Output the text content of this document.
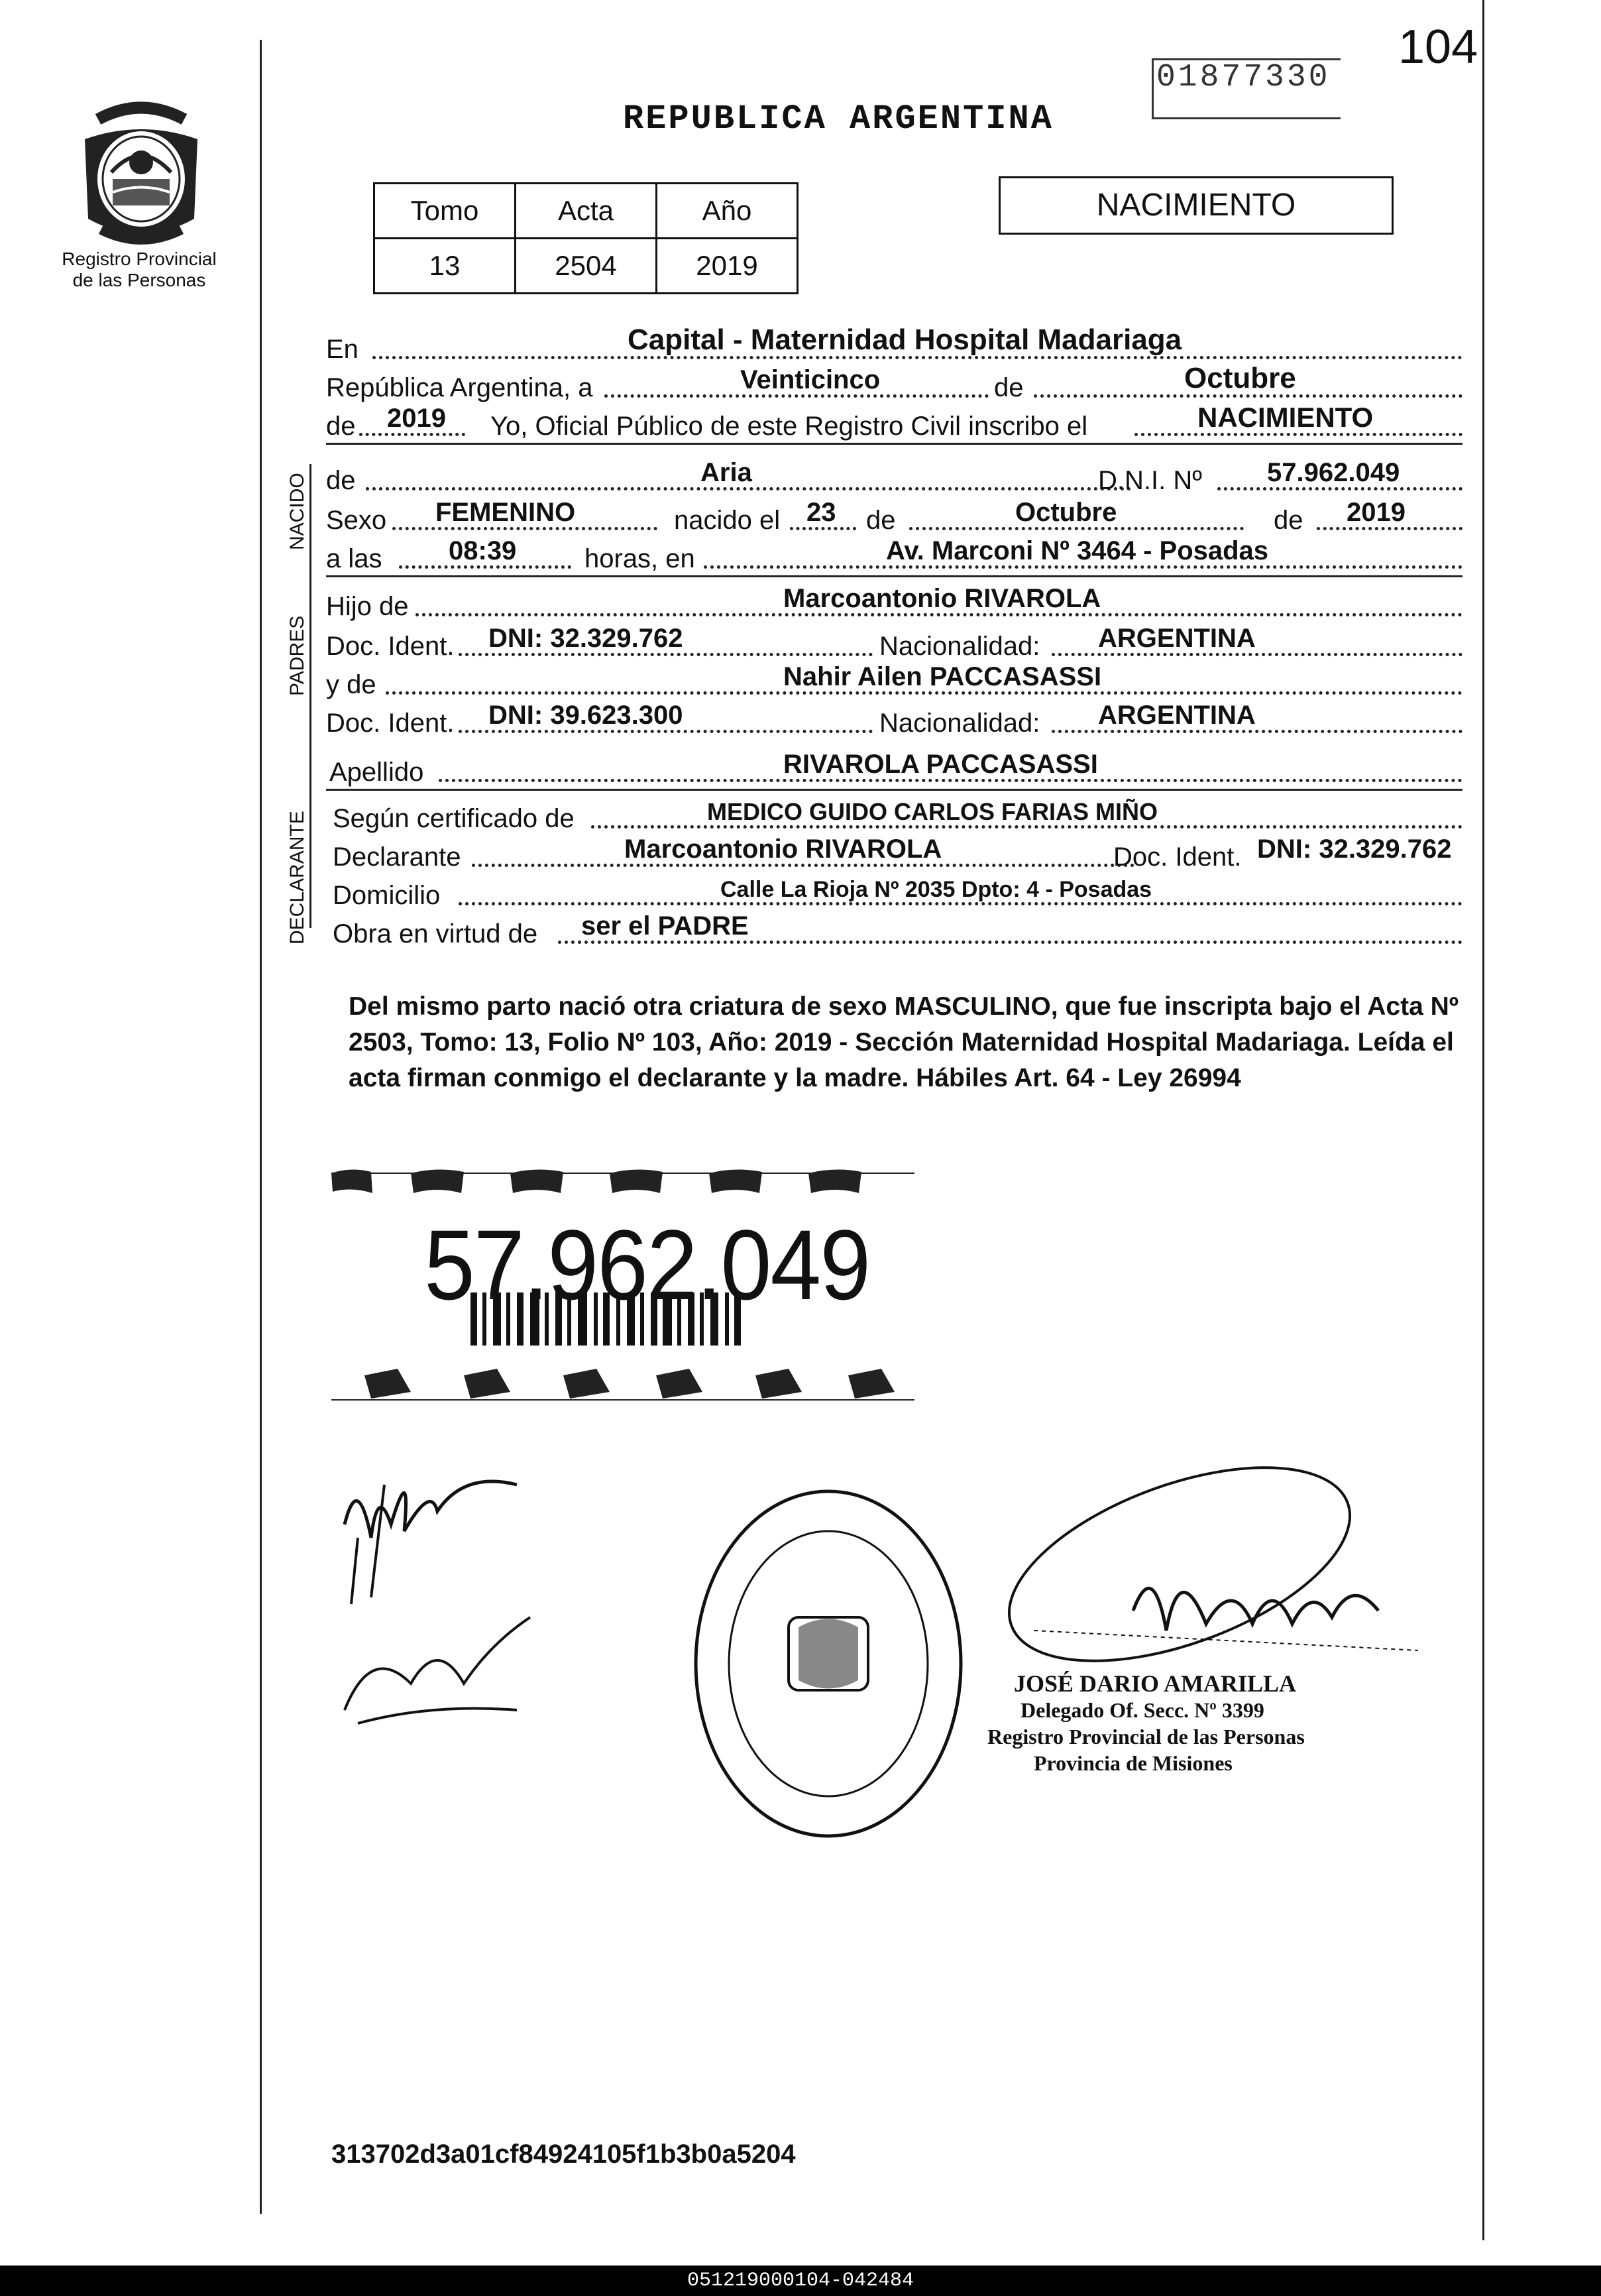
104
01877330
REPUBLICA ARGENTINA
Registro Provincial
de las Personas
Tomo	Acta	Año
13	2504	2019
NACIMIENTO
En	Capital - Maternidad Hospital Madariaga
República Argentina, a	Veinticinco	de	Octubre
de 2019 Yo, Oficial Público de este Registro Civil inscribo el	NACIMIENTO
NACIDO de	Aria	D.N.I. Nº 57.962.049
Sexo FEMENINO	nacido el 23 de	Octubre	de 2019
a las	08:39	horas, en	Av. Marconi Nº 3464 - Posadas
PADRES
Hijo de	Marcoantonio RIVAROLA
Doc. Ident. DNI: 32.329.762	Nacionalidad: ARGENTINA
y de	Nahir Ailen PACCASASSI
Doc. Ident. DNI: 39.623.300	Nacionalidad: ARGENTINA
Apellido	RIVAROLA PACCASASSI
DECLARANTE Según certificado de	MEDICO GUIDO CARLOS FARIAS MIÑO
Declarante	Marcoantonio RIVAROLA	Doc. Ident. DNI: 32.329.762
Domicilio	Calle La Rioja Nº 2035 Dpto: 4 - Posadas
Obra en virtud de ser el PADRE
Del mismo parto nació otra criatura de sexo MASCULINO, que fue inscripta bajo el Acta Nº 2503, Tomo: 13, Folio Nº 103, Año: 2019 - Sección Maternidad Hospital Madariaga. Leída el acta firman conmigo el declarante y la madre. Hábiles Art. 64 - Ley 26994
57.962.049
JOSÉ DARIO AMARILLA
Delegado Of. Secc. Nº 3399
Registro Provincial de las Personas
Provincia de Misiones
313702d3a01cf84924105f1b3b0a5204
051219000104-042484
